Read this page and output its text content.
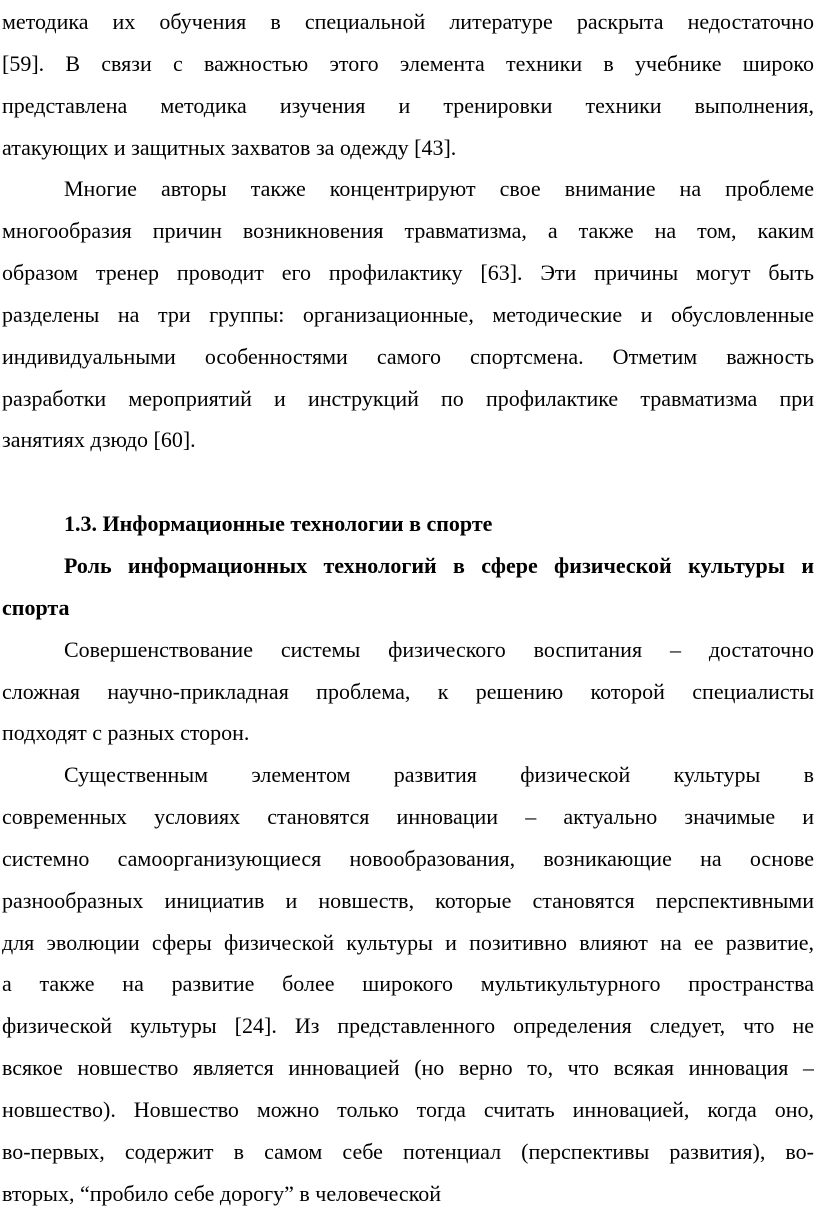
методика их обучения в специальной литературе раскрыта недостаточно
[59]. В связи с важностью этого элемента техники в учебнике широко
представлена методика изучения и тренировки техники выполнения,
атакующих и защитных захватов за одежду [43].
Многие авторы также концентрируют свое внимание на проблеме
многообразия причин возникновения травматизма, а также на том, каким
образом тренер проводит его профилактику [63]. Эти причины могут быть
разделены на три группы: организационные, методические и обусловленные
индивидуальными особенностями самого спортсмена. Отметим важность
разработки мероприятий и инструкций по профилактике травматизма при
занятиях дзюдо [60].
1.3. Информационные технологии в спорте
Роль информационных технологий в сфере физической культуры и
спорта
Совершенствование системы физического воспитания – достаточно
сложная научно-прикладная проблема, к решению которой специалисты
подходят с разных сторон.
Существенным элементом развития физической культуры в
современных условиях становятся инновации – актуально значимые и
системно самоорганизующиеся новообразования, возникающие на основе
разнообразных инициатив и новшеств, которые становятся перспективными
для эволюции сферы физической культуры и позитивно влияют на ее развитие,
а также на развитие более широкого мультикультурного пространства
физической культуры [24]. Из представленного определения следует, что не
всякое новшество является инновацией (но верно то, что всякая инновация –
новшество). Новшество можно только тогда считать инновацией, когда оно,
во-первых, содержит в самом себе потенциал (перспективы развития), во-
вторых, “пробило себе дорогу” в человеческой
